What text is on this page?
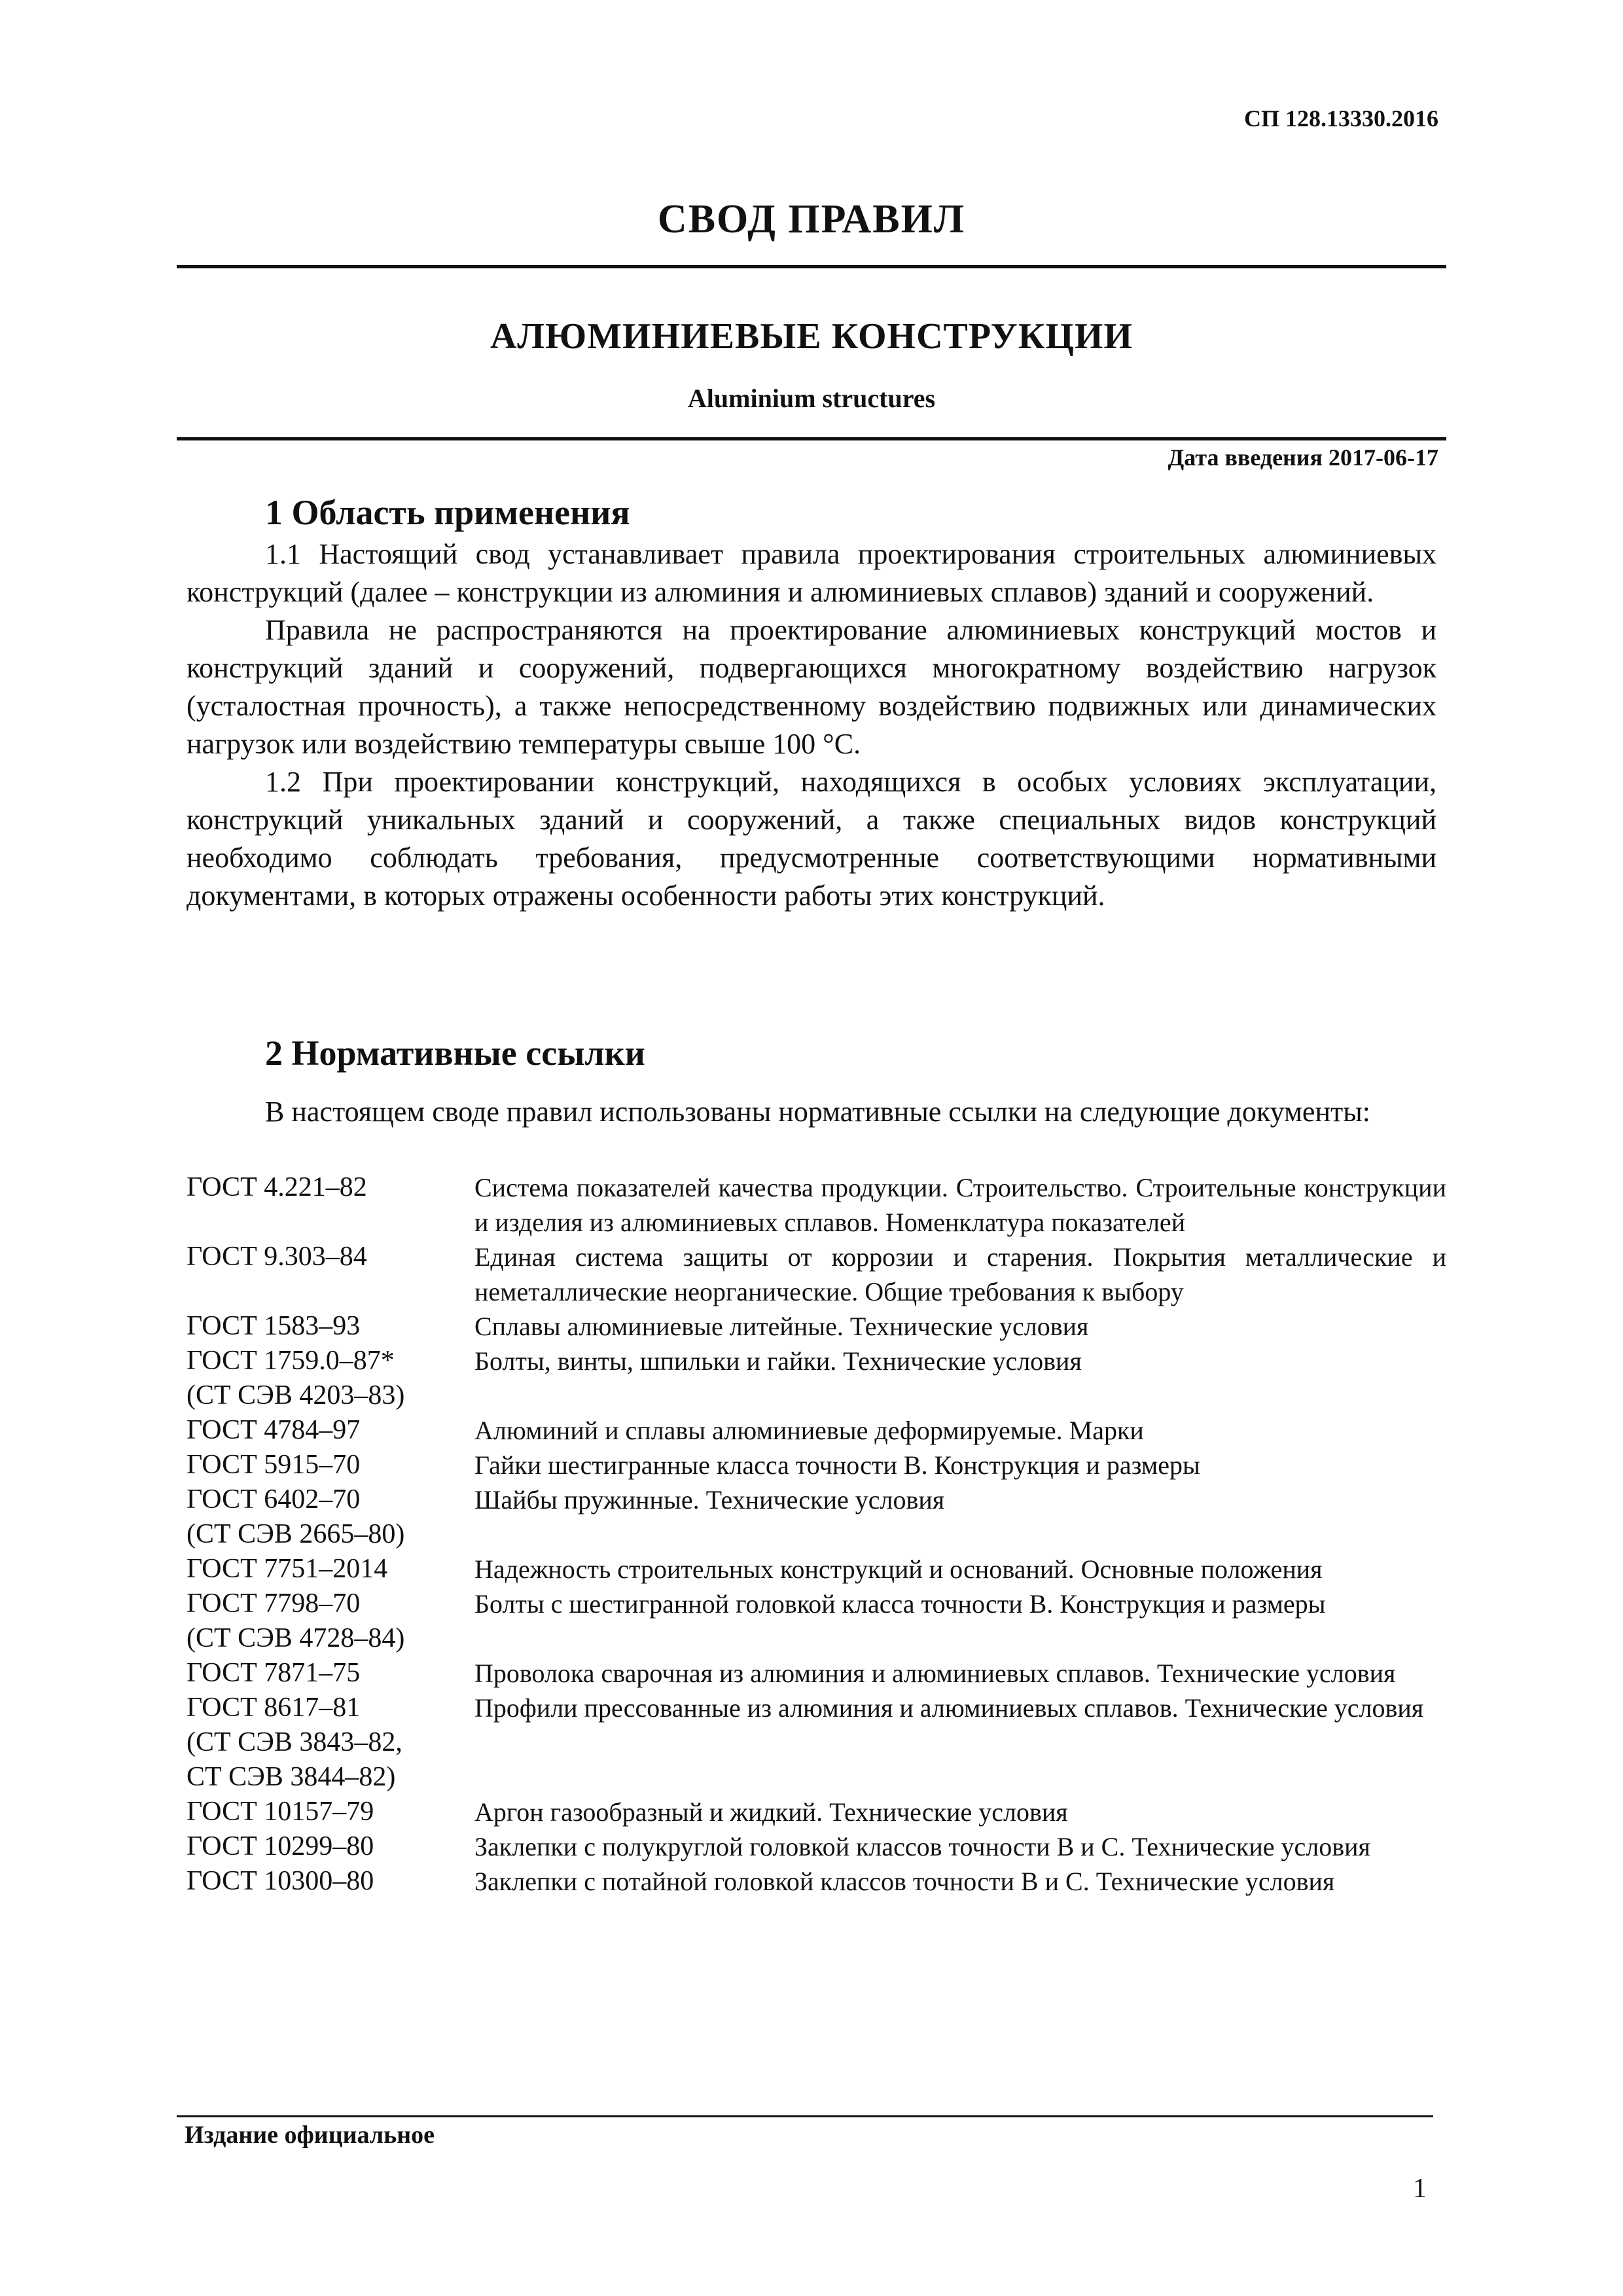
СП 128.13330.2016

СВОД ПРАВИЛ
АЛЮМИНИЕВЫЕ КОНСТРУКЦИИ

Aluminium structures

Дата введения 2017-06-17

1 Область применения

1.1 Настоящий свод устанавливает правила проектирования строительных алюминиевых конструкций (далее – конструкции из алюминия и алюминиевых сплавов) зданий и сооружений.

Правила не распространяются на проектирование алюминиевых конструкций мостов и конструкций зданий и сооружений, подвергающихся многократному воздействию нагрузок (усталостная прочность), а также непосредственному воздействию подвижных или динамических нагрузок или воздействию температуры свыше 100 °С.

1.2 При проектировании конструкций, находящихся в особых условиях эксплуатации, конструкций уникальных зданий и сооружений, а также специальных видов конструкций необходимо соблюдать требования, предусмотренные соответствующими нормативными документами, в которых отражены особенности работы этих конструкций.

2 Нормативные ссылки

В настоящем своде правил использованы нормативные ссылки на следующие документы:

ГОСТ 4.221–82	Система показателей качества продукции. Строительство. Строительные конструкции и изделия из алюминиевых сплавов. Номенклатура показателей

ГОСТ 9.303–84	Единая система защиты от коррозии и старения. Покрытия металлические и неметаллические неорганические. Общие требования к выбору

ГОСТ 1583–93	Сплавы алюминиевые литейные. Технические условия

ГОСТ 1759.0–87*
(СТ СЭВ 4203–83)	Болты, винты, шпильки и гайки. Технические условия

ГОСТ 4784–97	Алюминий и сплавы алюминиевые деформируемые. Марки

ГОСТ 5915–70	Гайки шестигранные класса точности В. Конструкция и размеры

ГОСТ 6402–70
(СТ СЭВ 2665–80)	Шайбы пружинные. Технические условия

ГОСТ 7751–2014	Надежность строительных конструкций и оснований. Основные положения

ГОСТ 7798–70
(СТ СЭВ 4728–84)	Болты с шестигранной головкой класса точности В. Конструкция и размеры

ГОСТ 7871–75	Проволока сварочная из алюминия и алюминиевых сплавов. Технические условия

ГОСТ 8617–81
(СТ СЭВ 3843–82,
СТ СЭВ 3844–82)	Профили прессованные из алюминия и алюминиевых сплавов. Технические условия

ГОСТ 10157–79	Аргон газообразный и жидкий. Технические условия

ГОСТ 10299–80	Заклепки с полукруглой головкой классов точности В и С. Технические условия

ГОСТ 10300–80	Заклепки с потайной головкой классов точности В и С. Технические условия

Издание официальное

1
